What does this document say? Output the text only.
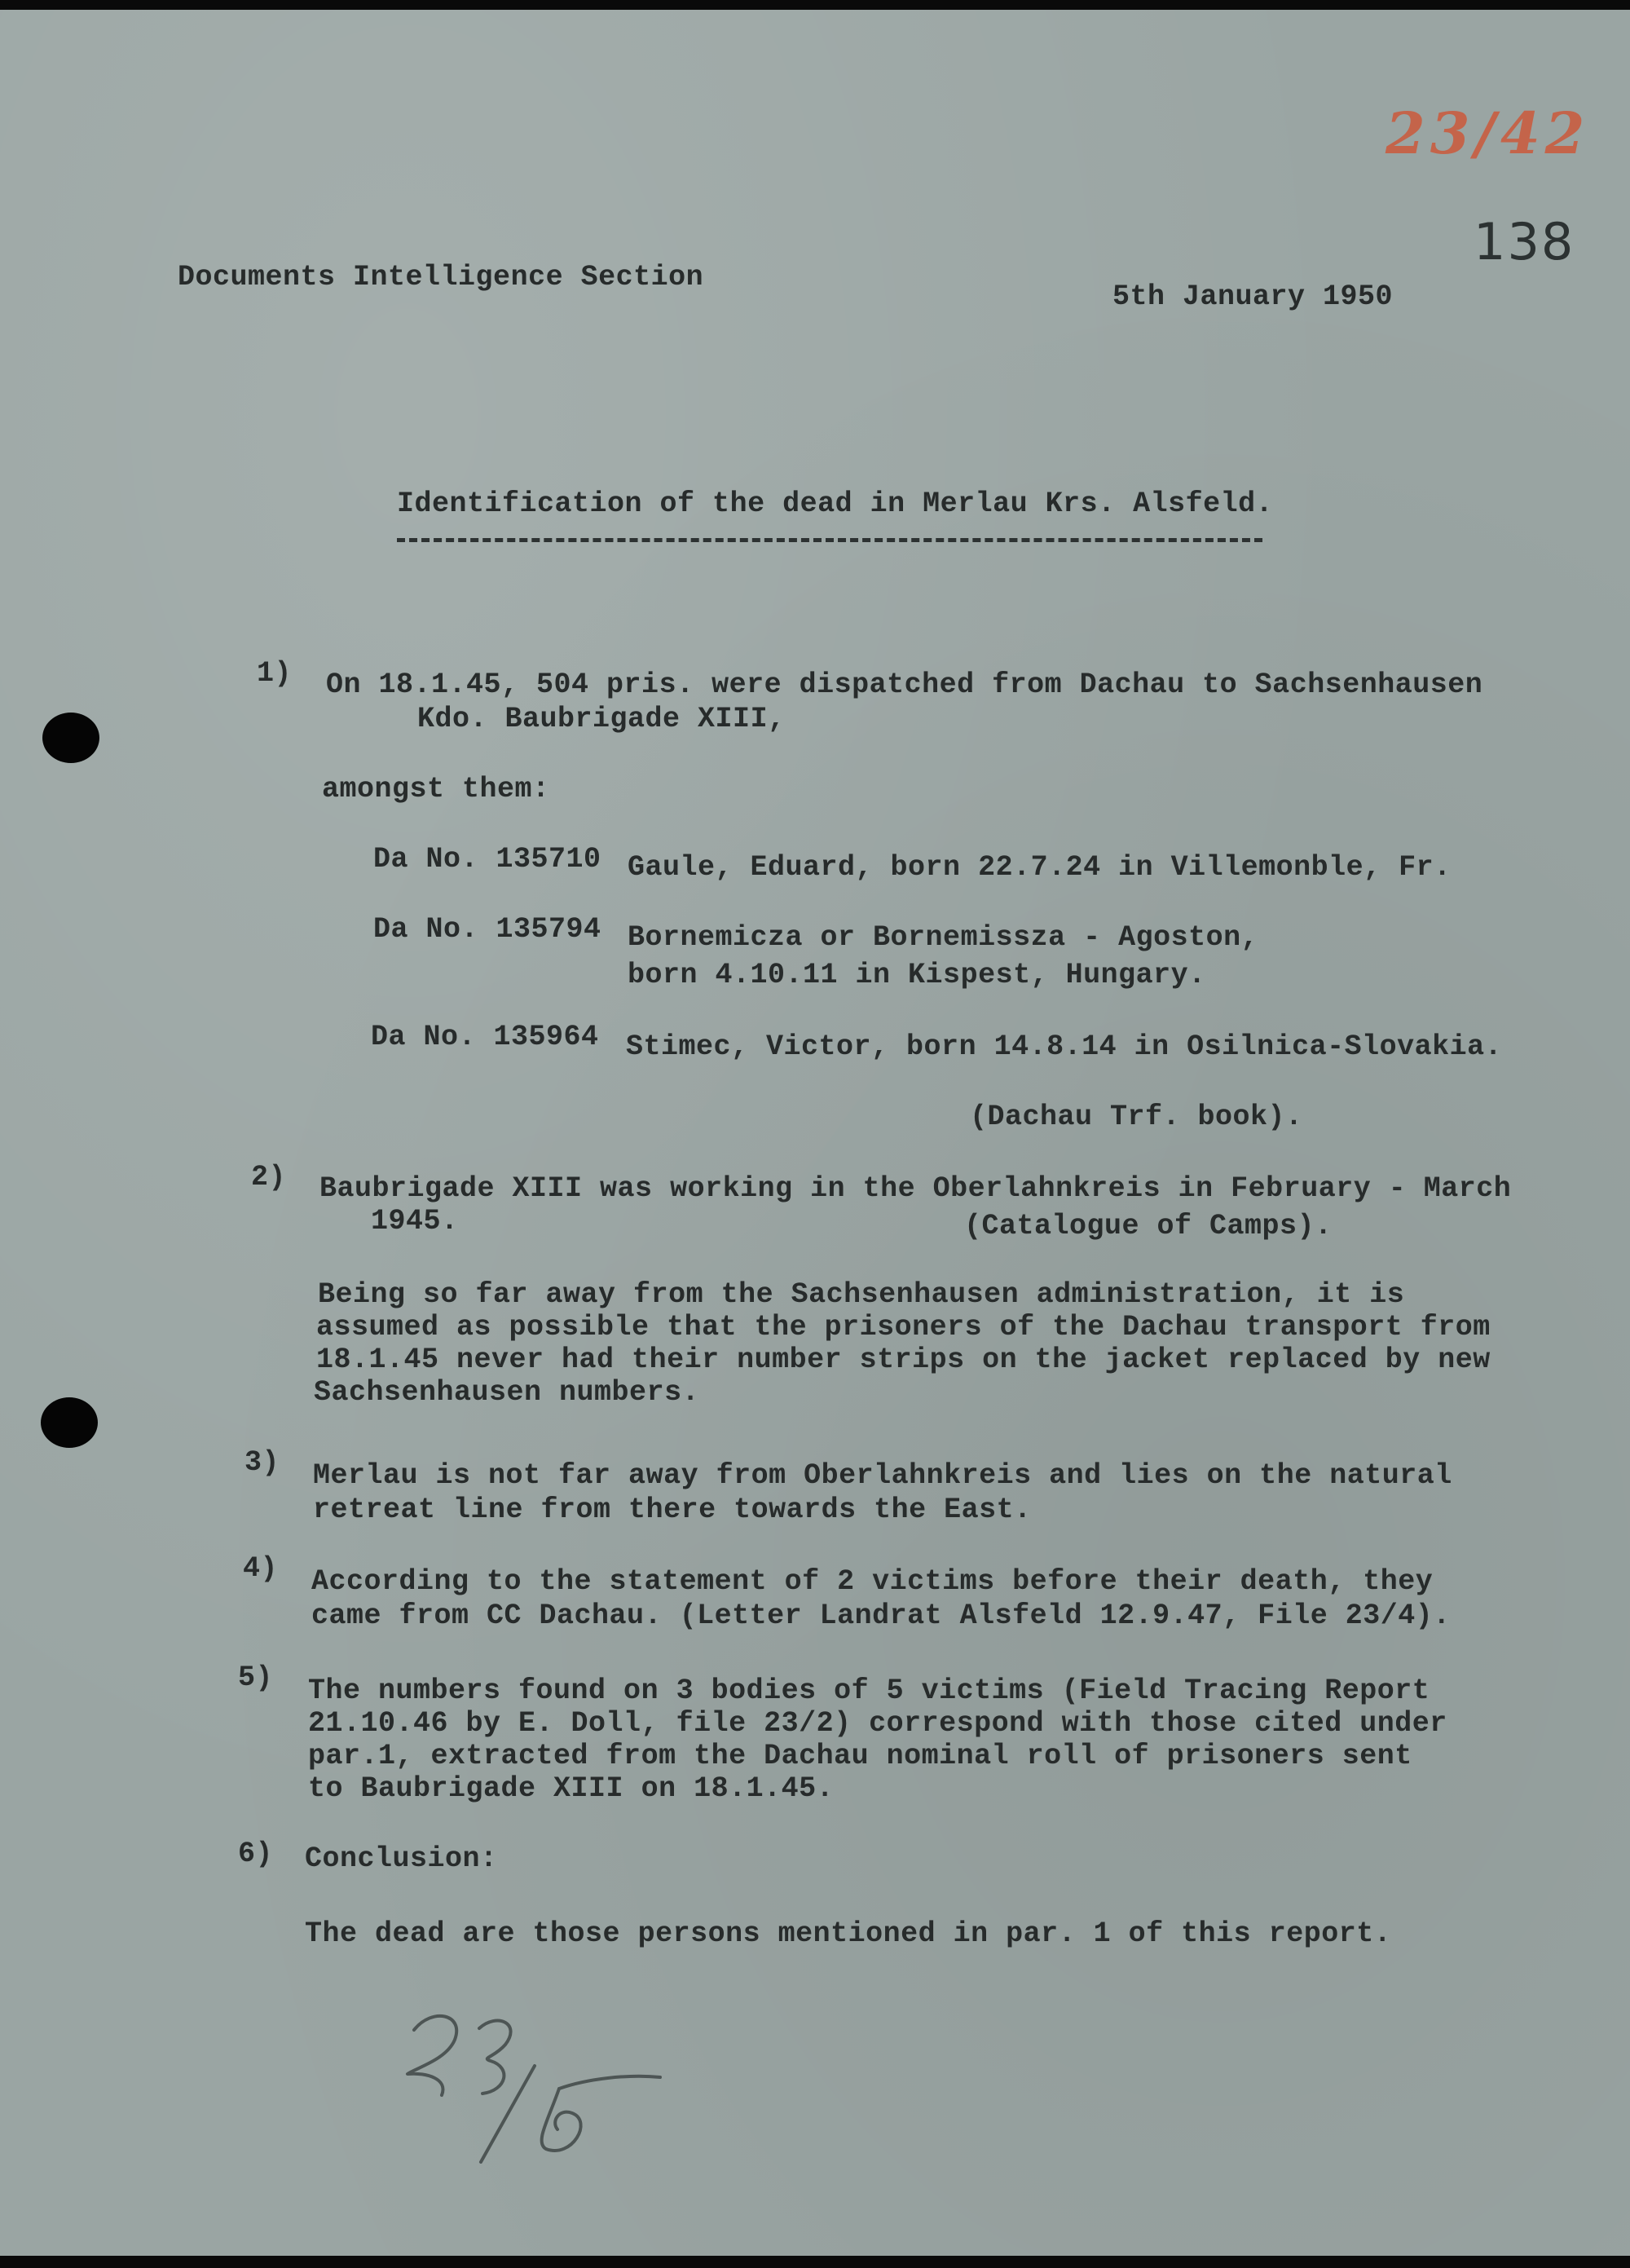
23/42
138
Documents Intelligence Section
5th January 1950
Identification of the dead in Merlau Krs. Alsfeld.
1) On 18.1.45, 504 pris. were dispatched from Dachau to Sachsenhausen
Kdo. Baubrigade XIII,
amongst them:
Da No. 135710 Gaule, Eduard, born 22.7.24 in Villemonble, Fr.
Da No. 135794 Bornemicza or Bornemissza - Agoston,
born 4.10.11 in Kispest, Hungary.
Da No. 135964 Stimec, Victor, born 14.8.14 in Osilnica-Slovakia.
(Dachau Trf. book).
2) Baubrigade XIII was working in the Oberlahnkreis in February - March
1945.	(Catalogue of Camps).
Being so far away from the Sachsenhausen administration, it is
assumed as possible that the prisoners of the Dachau transport from
18.1.45 never had their number strips on the jacket replaced by new
Sachsenhausen numbers.
3) Merlau is not far away from Oberlahnkreis and lies on the natural
retreat line from there towards the East.
4) According to the statement of 2 victims before their death, they
came from CC Dachau. (Letter Landrat Alsfeld 12.9.47, File 23/4).
5) The numbers found on 3 bodies of 5 victims (Field Tracing Report
21.10.46 by E. Doll, file 23/2) correspond with those cited under
par.1, extracted from the Dachau nominal roll of prisoners sent
to Baubrigade XIII on 18.1.45.
6) Conclusion:
The dead are those persons mentioned in par. 1 of this report.
